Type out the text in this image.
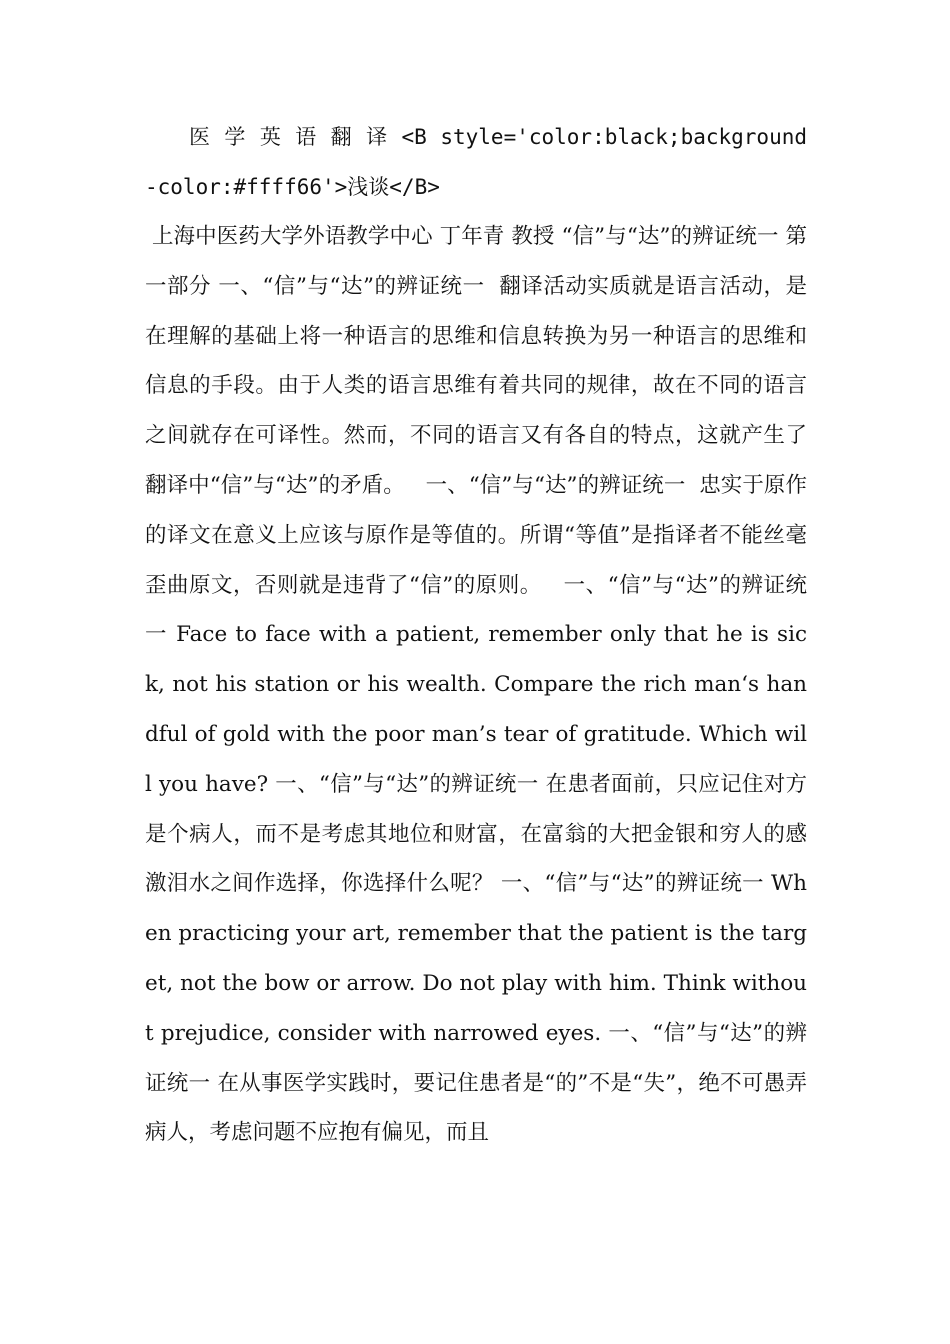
医 学 英 语 翻 译 <B style='color:black;background-color:#ffff66'>浅谈</B>

上海中医药大学外语教学中心 丁年青 教授 “信”与“达”的辨证统一 第一部分 一、“信”与“达”的辨证统一  翻译活动实质就是语言活动，是在理解的基础上将一种语言的思维和信息转换为另一种语言的思维和信息的手段。由于人类的语言思维有着共同的规律，故在不同的语言之间就存在可译性。然而，不同的语言又有各自的特点，这就产生了翻译中“信”与“达”的矛盾。   一、“信”与“达”的辨证统一  忠实于原作的译文在意义上应该与原作是等值的。所谓“等值”是指译者不能丝毫歪曲原文，否则就是违背了“信”的原则。   一、“信”与“达”的辨证统一 Face to face with a patient, remember only that he is sick, not his station or his wealth. Compare the rich man‘s handful of gold with the poor man’s tear of gratitude. Which will you have? 一、“信”与“达”的辨证统一 在患者面前，只应记住对方是个病人，而不是考虑其地位和财富，在富翁的大把金银和穷人的感激泪水之间作选择，你选择什么呢？ 一、“信”与“达”的辨证统一 When practicing your art, remember that the patient is the target, not the bow or arrow. Do not play with him. Think without prejudice, consider with narrowed eyes. 一、“信”与“达”的辨证统一 在从事医学实践时，要记住患者是“的”不是“失”，绝不可愚弄病人，考虑问题不应抱有偏见，而且
